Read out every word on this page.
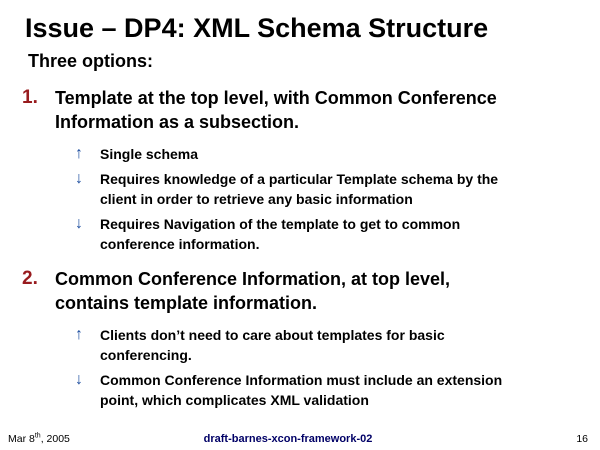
Issue – DP4: XML Schema Structure
Three options:
1. Template at the top level, with Common Conference Information as a subsection.
↑	Single schema
↓	Requires knowledge of a particular Template schema by the client in order to retrieve any basic information
↓	Requires Navigation of the template to get to common conference information.
2. Common Conference Information, at top level, contains template information.
↑	Clients don’t need to care about templates for basic conferencing.
↓	Common Conference Information must include an extension point, which complicates XML validation
Mar 8th, 2005	draft-barnes-xcon-framework-02	16
